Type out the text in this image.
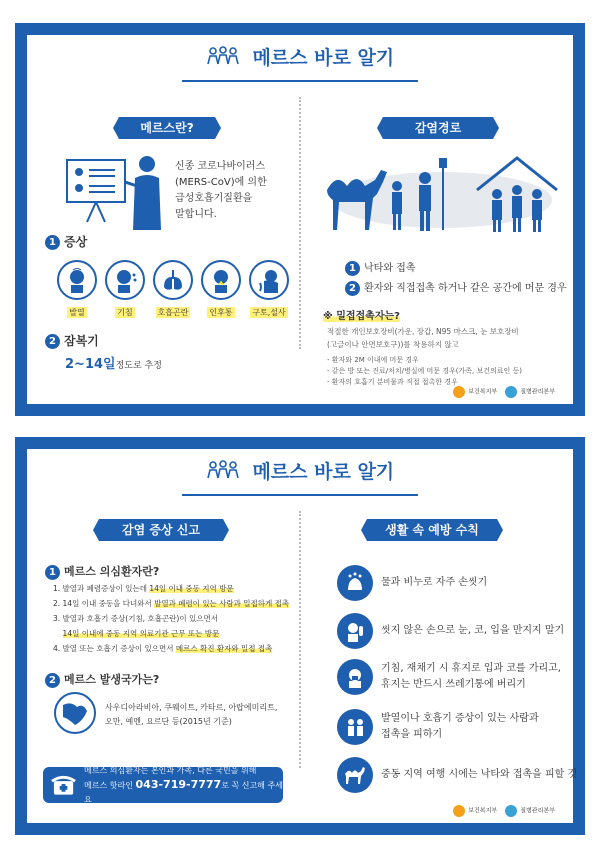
메르스 바로 알기
메르스란?	감염경로
신종 코로나바이러스
(MERS-CoV)에 의한
급성호흡기질환을
말합니다.
1 증상
발열	기침	호흡곤란	인후통	구토,설사
2 잠복기
2~14일정도로 추정
1 낙타와 접촉
2 환자와 직접접촉 하거나 같은 공간에 머문 경우
※ 밀접접촉자는?
적절한 개인보호장비(가운, 장갑, N95 마스크, 눈 보호장비
(고글이나 안면보호구))를 착용하지 않고
- 환자와 2M 이내에 머문 경우
- 같은 방 또는 진료/처치/병실에 머문 경우(가족, 보건의료인 등)
- 환자의 호흡기 분비물과 직접 접촉한 경우
보건복지부	질병관리본부
메르스 바로 알기
감염 증상 신고	생활 속 예방 수칙
1 메르스 의심환자란?
1. 발열과 폐렴증상이 있는데 14일 이내 중동 지역 방문
2. 14일 이내 중동을 다녀와서 발열과 폐렴이 있는 사람과 밀접하게 접촉
3. 발열과 호흡기 증상(기침, 호흡곤란)이 있으면서
14일 이내에 중동 지역 의료기관 근무 또는 방문
4. 발열 또는 호흡기 증상이 있으면서 메르스 확진 환자와 밀접 접촉
2 메르스 발생국가는?
사우디아라비아, 쿠웨이트, 카타르, 아랍에미리트,
오만, 예멘, 요르단 등(2015년 기준)
메르스 의심환자는 본인과 가족, 다른 국민을 위해
메르스 핫라인 043-719-7777로 꼭 신고해 주세요
물과 비누로 자주 손씻기
씻지 않은 손으로 눈, 코, 입을 만지지 말기
기침, 재채기 시 휴지로 입과 코를 가리고,
휴지는 반드시 쓰레기통에 버리기
발열이나 호흡기 증상이 있는 사람과
접촉을 피하기
중동 지역 여행 시에는 낙타와 접촉을 피할 것
보건복지부	질병관리본부
